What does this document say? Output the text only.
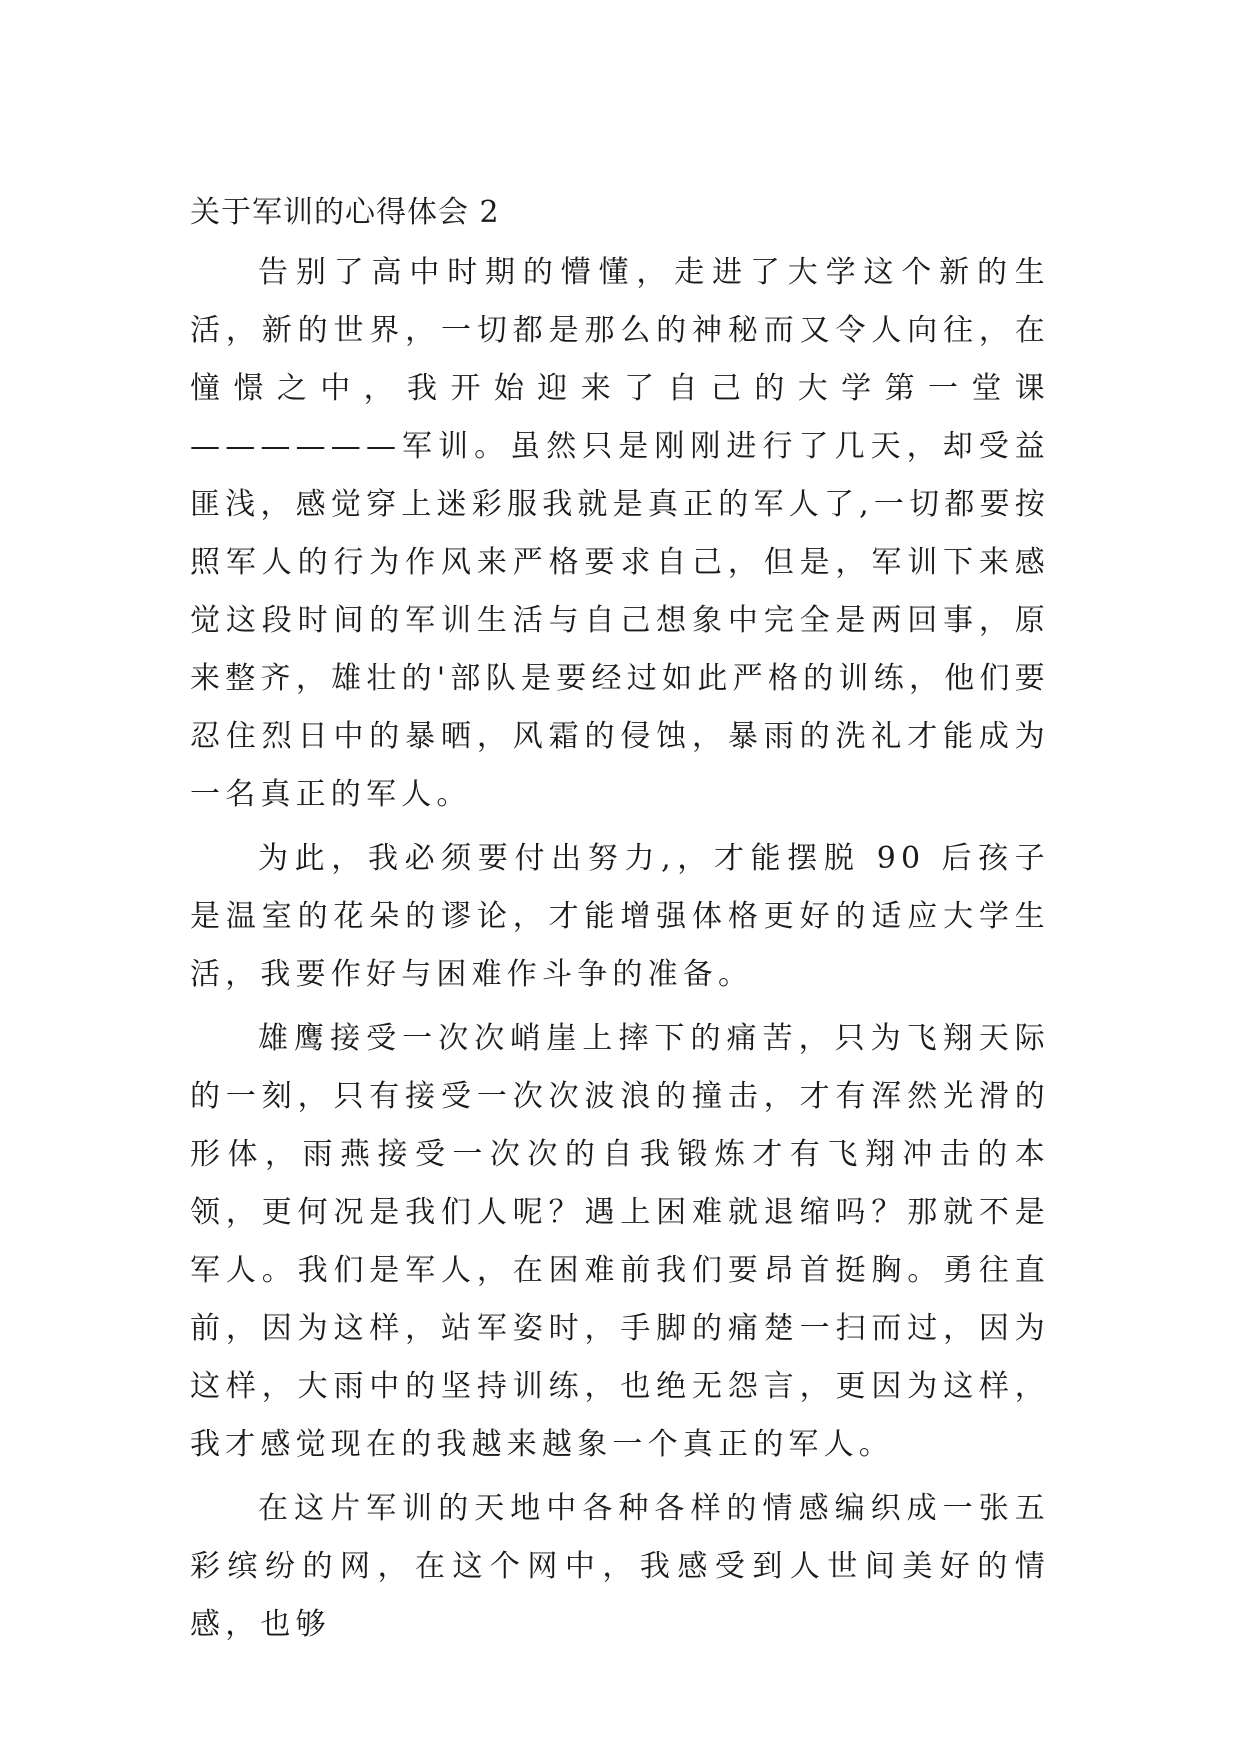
关于军训的心得体会 2

告别了高中时期的懵懂，走进了大学这个新的生活，新的世界，一切都是那么的神秘而又令人向往，在憧憬之中，我开始迎来了自己的大学第一堂课——————军训。虽然只是刚刚进行了几天，却受益匪浅，感觉穿上迷彩服我就是真正的军人了,一切都要按照军人的行为作风来严格要求自己，但是，军训下来感觉这段时间的军训生活与自己想象中完全是两回事，原来整齐，雄壮的'部队是要经过如此严格的训练，他们要忍住烈日中的暴晒，风霜的侵蚀，暴雨的洗礼才能成为一名真正的军人。

为此，我必须要付出努力,，才能摆脱 90 后孩子是温室的花朵的谬论，才能增强体格更好的适应大学生活，我要作好与困难作斗争的准备。

雄鹰接受一次次峭崖上摔下的痛苦，只为飞翔天际的一刻，只有接受一次次波浪的撞击，才有浑然光滑的形体，雨燕接受一次次的自我锻炼才有飞翔冲击的本领，更何况是我们人呢？遇上困难就退缩吗？那就不是军人。我们是军人，在困难前我们要昂首挺胸。勇往直前，因为这样，站军姿时，手脚的痛楚一扫而过，因为这样，大雨中的坚持训练，也绝无怨言，更因为这样，我才感觉现在的我越来越象一个真正的军人。

在这片军训的天地中各种各样的情感编织成一张五彩缤纷的网，在这个网中，我感受到人世间美好的情感，也够
